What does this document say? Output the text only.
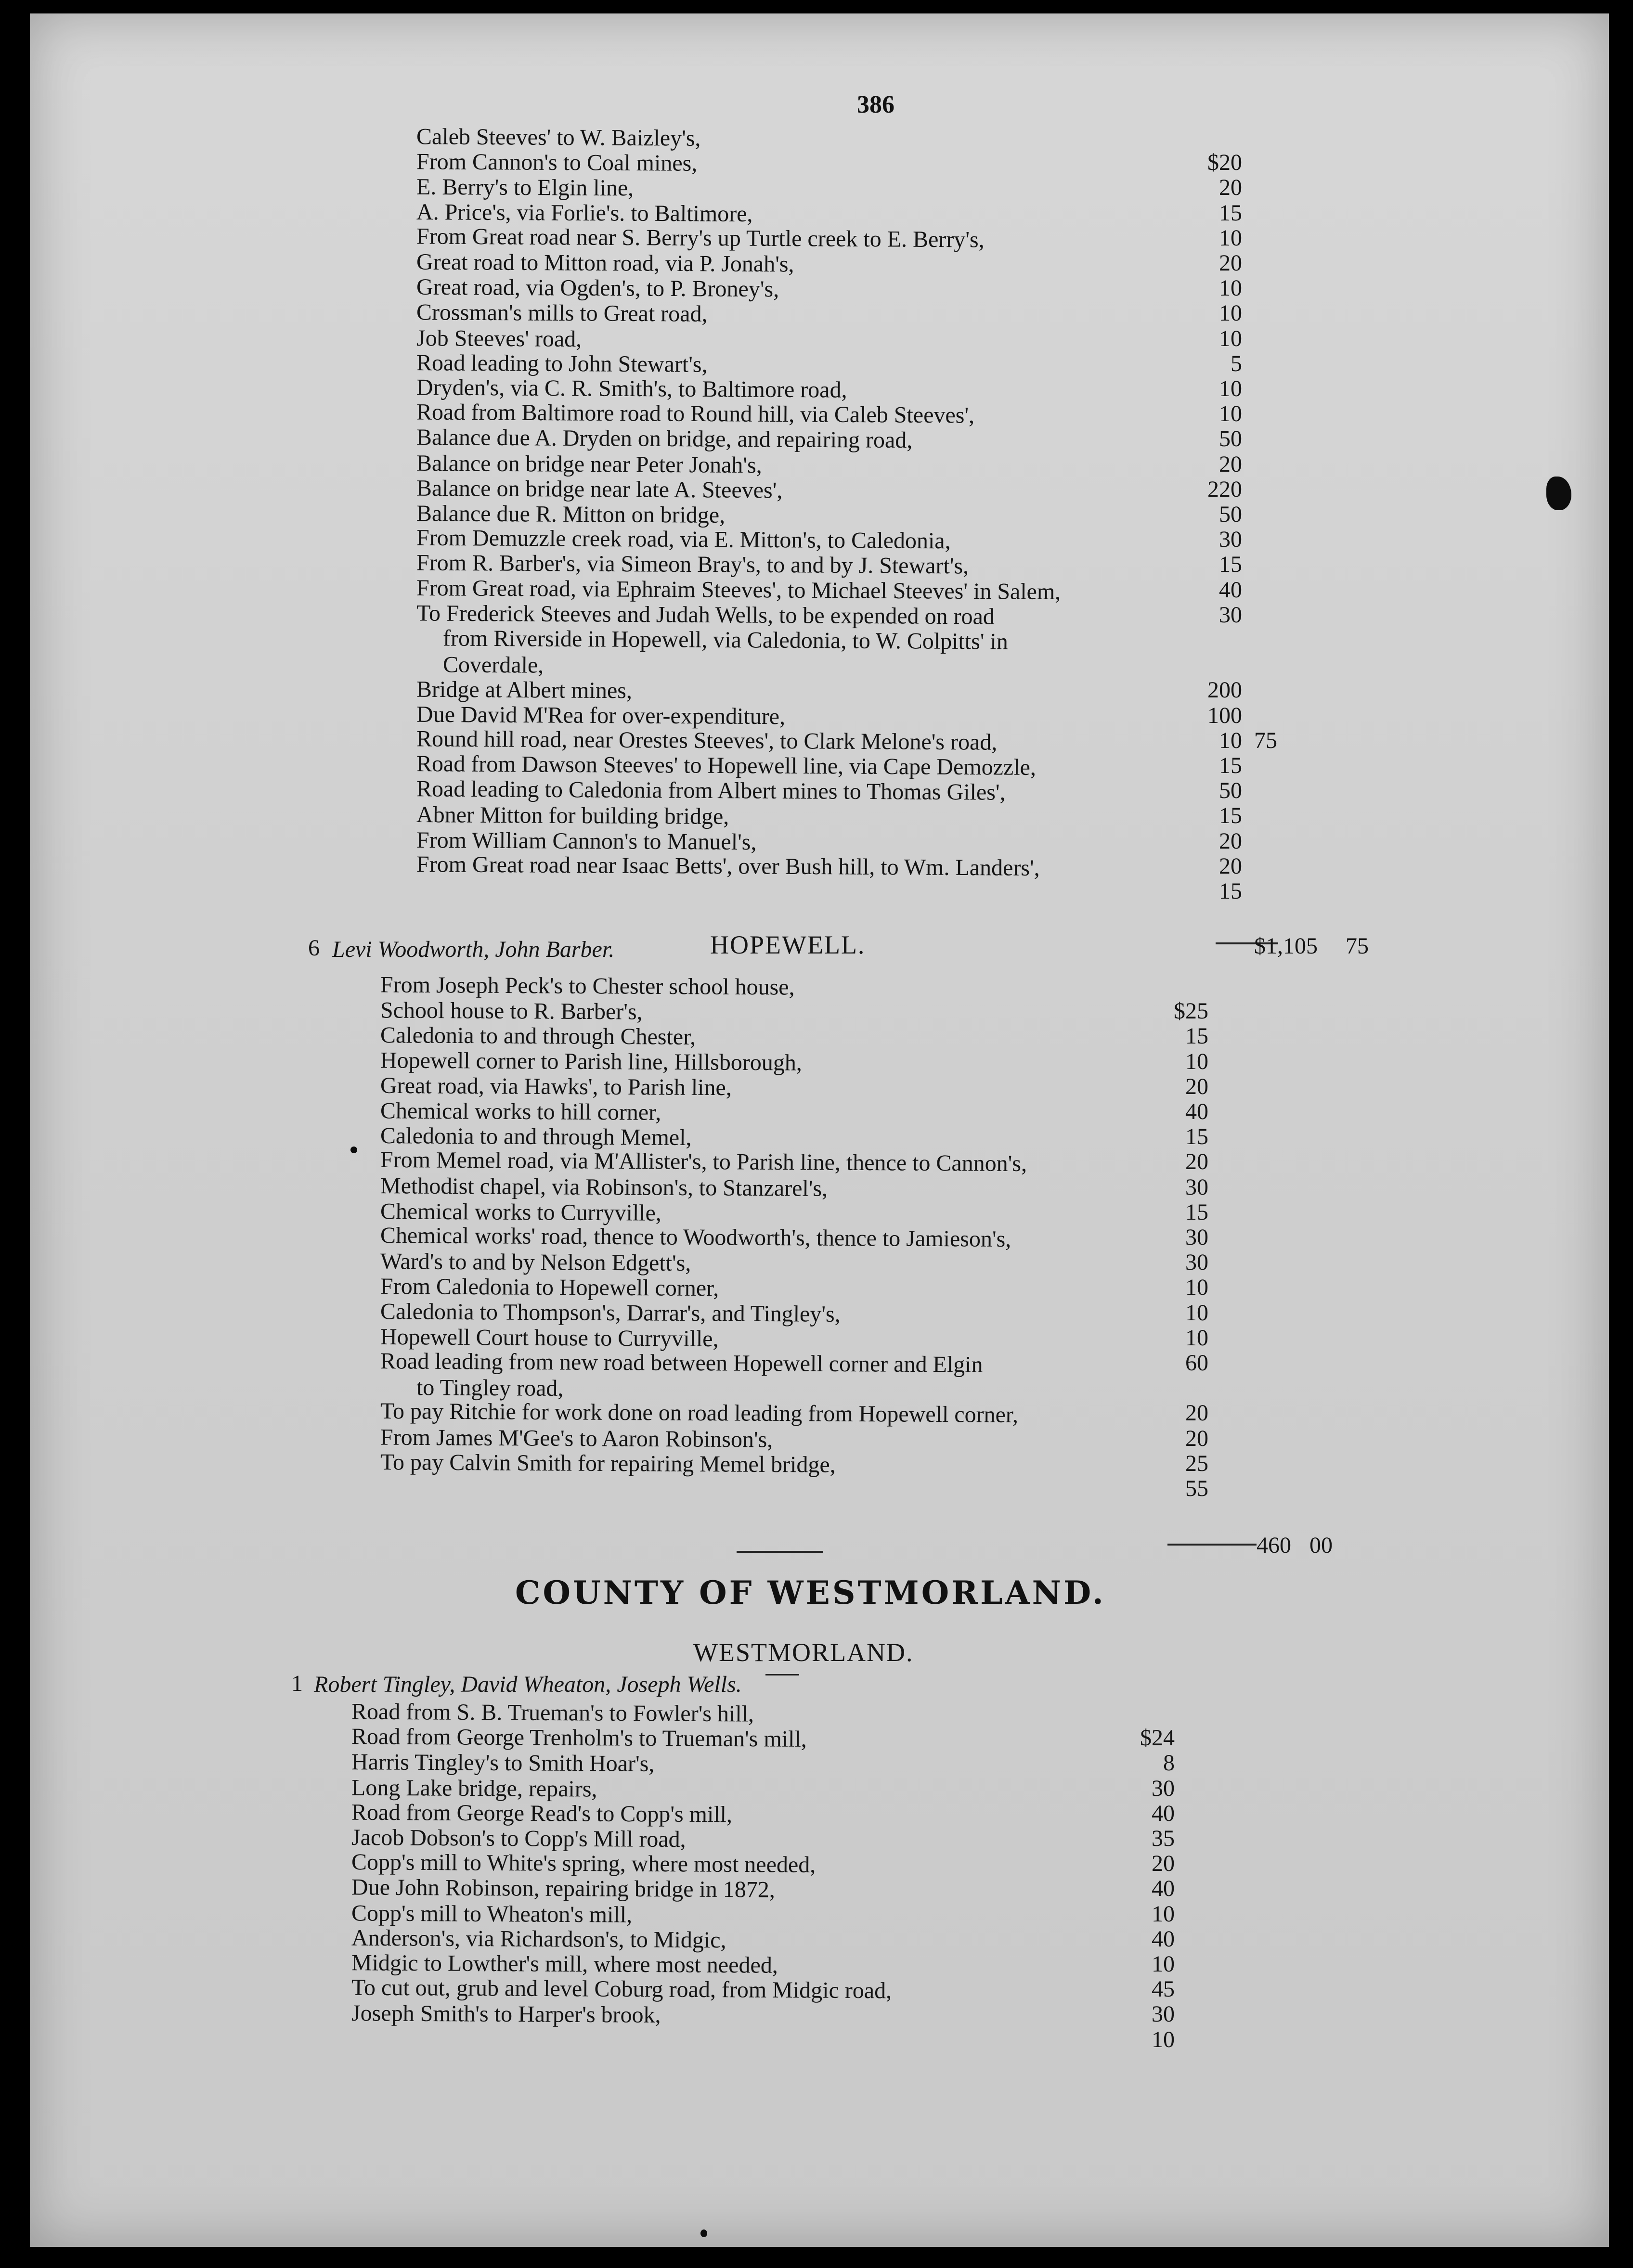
386
Caleb Steeves' to W. Baizley's,
From Cannon's to Coal mines,	$20
E. Berry's to Elgin line,	20
A. Price's, via Forlie's. to Baltimore,	15
From Great road near S. Berry's up Turtle creek to E. Berry's,	10
Great road to Mitton road, via P. Jonah's,	20
Great road, via Ogden's, to P. Broney's,	10
Crossman's mills to Great road,	10
Job Steeves' road,	10
Road leading to John Stewart's,	5
Dryden's, via C. R. Smith's, to Baltimore road,	10
Road from Baltimore road to Round hill, via Caleb Steeves',	10
Balance due A. Dryden on bridge, and repairing road,	50
Balance on bridge near Peter Jonah's,	20
Balance on bridge near late A. Steeves',	220
Balance due R. Mitton on bridge,	50
From Demuzzle creek road, via E. Mitton's, to Caledonia,	30
From R. Barber's, via Simeon Bray's, to and by J. Stewart's,	15
From Great road, via Ephraim Steeves', to Michael Steeves' in Salem,	40
To Frederick Steeves and Judah Wells, to be expended on road	30
from Riverside in Hopewell, via Caledonia, to W. Colpitts' in
Coverdale,
Bridge at Albert mines,	200
Due David M'Rea for over-expenditure,	100
Round hill road, near Orestes Steeves', to Clark Melone's road,	10 75
Road from Dawson Steeves' to Hopewell line, via Cape Demozzle,	15
Road leading to Caledonia from Albert mines to Thomas Giles',	50
Abner Mitton for building bridge,	15
From William Cannon's to Manuel's,	20
From Great road near Isaac Betts', over Bush hill, to Wm. Landers',	20
15
$1,105 75
6 Levi Woodworth, John Barber.	HOPEWELL.
From Joseph Peck's to Chester school house,
School house to R. Barber's,	$25
Caledonia to and through Chester,	15
Hopewell corner to Parish line, Hillsborough,	10
Great road, via Hawks', to Parish line,	20
Chemical works to hill corner,	40
Caledonia to and through Memel,	15
From Memel road, via M'Allister's, to Parish line, thence to Cannon's,	20
Methodist chapel, via Robinson's, to Stanzarel's,	30
Chemical works to Curryville,	15
Chemical works' road, thence to Woodworth's, thence to Jamieson's,	30
Ward's to and by Nelson Edgett's,	30
From Caledonia to Hopewell corner,	10
Caledonia to Thompson's, Darrar's, and Tingley's,	10
Hopewell Court house to Curryville,	10
Road leading from new road between Hopewell corner and Elgin	60
to Tingley road,
To pay Ritchie for work done on road leading from Hopewell corner,	20
From James M'Gee's to Aaron Robinson's,	20
To pay Calvin Smith for repairing Memel bridge,	25
55
460 00
COUNTY OF WESTMORLAND.
WESTMORLAND.
1 Robert Tingley, David Wheaton, Joseph Wells.
Road from S. B. Trueman's to Fowler's hill,
Road from George Trenholm's to Trueman's mill,	$24
Harris Tingley's to Smith Hoar's,	8
Long Lake bridge, repairs,	30
Road from George Read's to Copp's mill,	40
Jacob Dobson's to Copp's Mill road,	35
Copp's mill to White's spring, where most needed,	20
Due John Robinson, repairing bridge in 1872,	40
Copp's mill to Wheaton's mill,	10
Anderson's, via Richardson's, to Midgic,	40
Midgic to Lowther's mill, where most needed,	10
To cut out, grub and level Coburg road, from Midgic road,	45
Joseph Smith's to Harper's brook,	30
10
